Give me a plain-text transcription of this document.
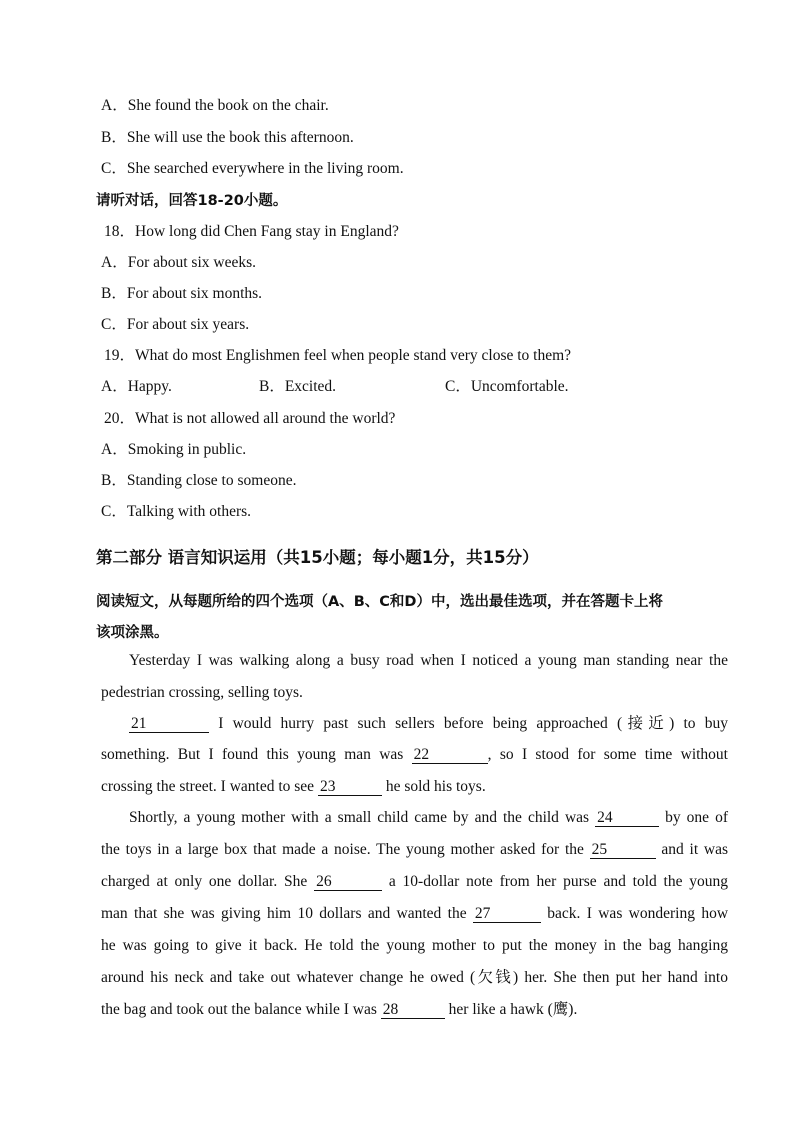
A．She found the book on the chair.
B．She will use the book this afternoon.
C．She searched everywhere in the living room.
请听对话，回答18-20小题。
18．How long did Chen Fang stay in England?
A．For about six weeks.
B．For about six months.
C．For about six years.
19．What do most Englishmen feel when people stand very close to them?
A．Happy.	B．Excited.	C．Uncomfortable.
20．What is not allowed all around the world?
A．Smoking in public.
B．Standing close to someone.
C．Talking with others.
第二部分 语言知识运用（共15小题；每小题1分，共15分）
阅读短文，从每题所给的四个选项（A、B、C和D）中，选出最佳选项，并在答题卡上将
该项涂黑。
Yesterday I was walking along a busy road when I noticed a young man standing near the
pedestrian crossing, selling toys.
21	I would hurry past such sellers before being approached (接近) to buy
something. But I found this young man was 22	, so I stood for some time without
crossing the street. I wanted to see 23	he sold his toys.
Shortly, a young mother with a small child came by and the child was 24	by one of
the toys in a large box that made a noise. The young mother asked for the 25	and it was
charged at only one dollar. She 26	a 10-dollar note from her purse and told the young
man that she was giving him 10 dollars and wanted the 27	back. I was wondering how
he was going to give it back. He told the young mother to put the money in the bag hanging
around his neck and take out whatever change he owed (欠钱) her. She then put her hand into
the bag and took out the balance while I was 28	her like a hawk (鹰).
